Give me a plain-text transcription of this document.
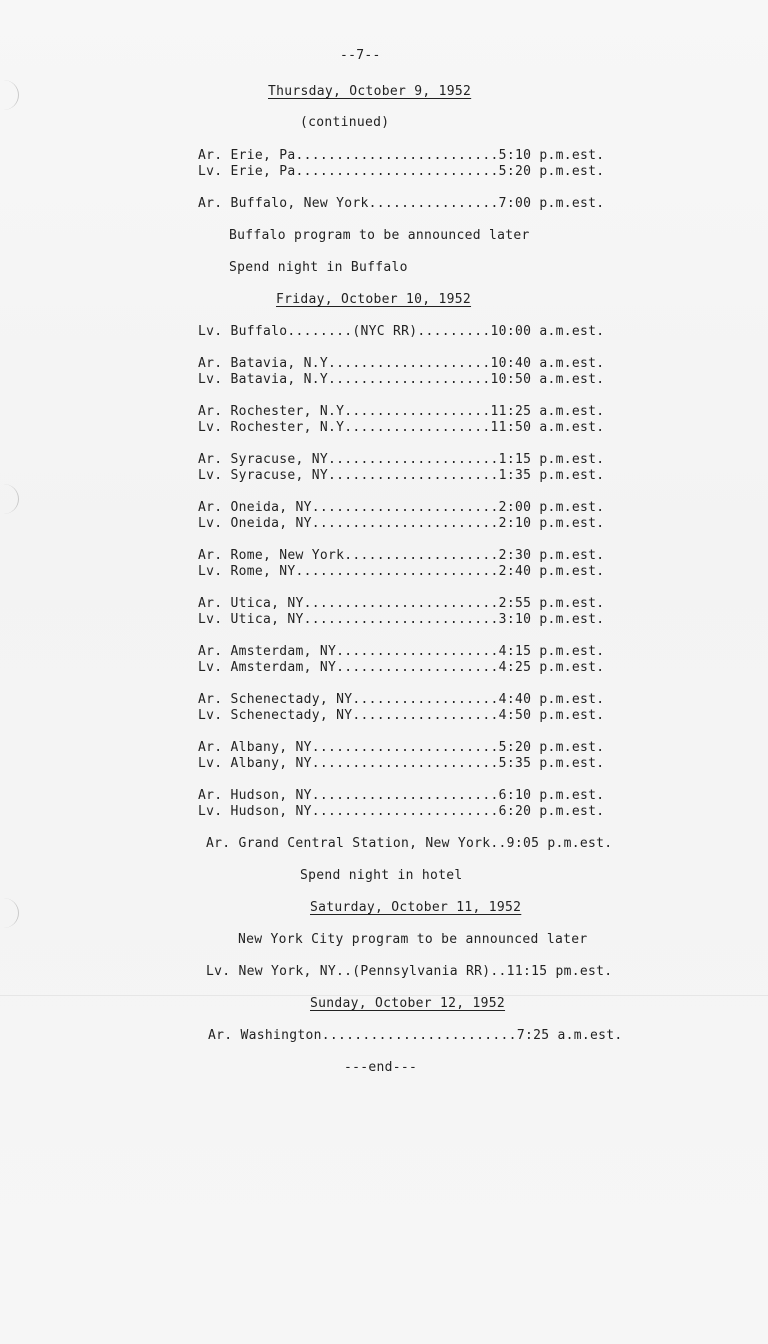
--7--
Thursday, October 9, 1952
(continued)
Ar. Erie, Pa.........................5:10 p.m.est.
Lv. Erie, Pa.........................5:20 p.m.est.
Ar. Buffalo, New York................7:00 p.m.est.
Buffalo program to be announced later
Spend night in Buffalo
Friday, October 10, 1952
Lv. Buffalo........(NYC RR).........10:00 a.m.est.
Ar. Batavia, N.Y....................10:40 a.m.est.
Lv. Batavia, N.Y....................10:50 a.m.est.
Ar. Rochester, N.Y..................11:25 a.m.est.
Lv. Rochester, N.Y..................11:50 a.m.est.
Ar. Syracuse, NY.....................1:15 p.m.est.
Lv. Syracuse, NY.....................1:35 p.m.est.
Ar. Oneida, NY.......................2:00 p.m.est.
Lv. Oneida, NY.......................2:10 p.m.est.
Ar. Rome, New York...................2:30 p.m.est.
Lv. Rome, NY.........................2:40 p.m.est.
Ar. Utica, NY........................2:55 p.m.est.
Lv. Utica, NY........................3:10 p.m.est.
Ar. Amsterdam, NY....................4:15 p.m.est.
Lv. Amsterdam, NY....................4:25 p.m.est.
Ar. Schenectady, NY..................4:40 p.m.est.
Lv. Schenectady, NY..................4:50 p.m.est.
Ar. Albany, NY.......................5:20 p.m.est.
Lv. Albany, NY.......................5:35 p.m.est.
Ar. Hudson, NY.......................6:10 p.m.est.
Lv. Hudson, NY.......................6:20 p.m.est.
Ar. Grand Central Station, New York..9:05 p.m.est.
Spend night in hotel
Saturday, October 11, 1952
New York City program to be announced later
Lv. New York, NY..(Pennsylvania RR)..11:15 pm.est.
Sunday, October 12, 1952
Ar. Washington........................7:25 a.m.est.
---end---
